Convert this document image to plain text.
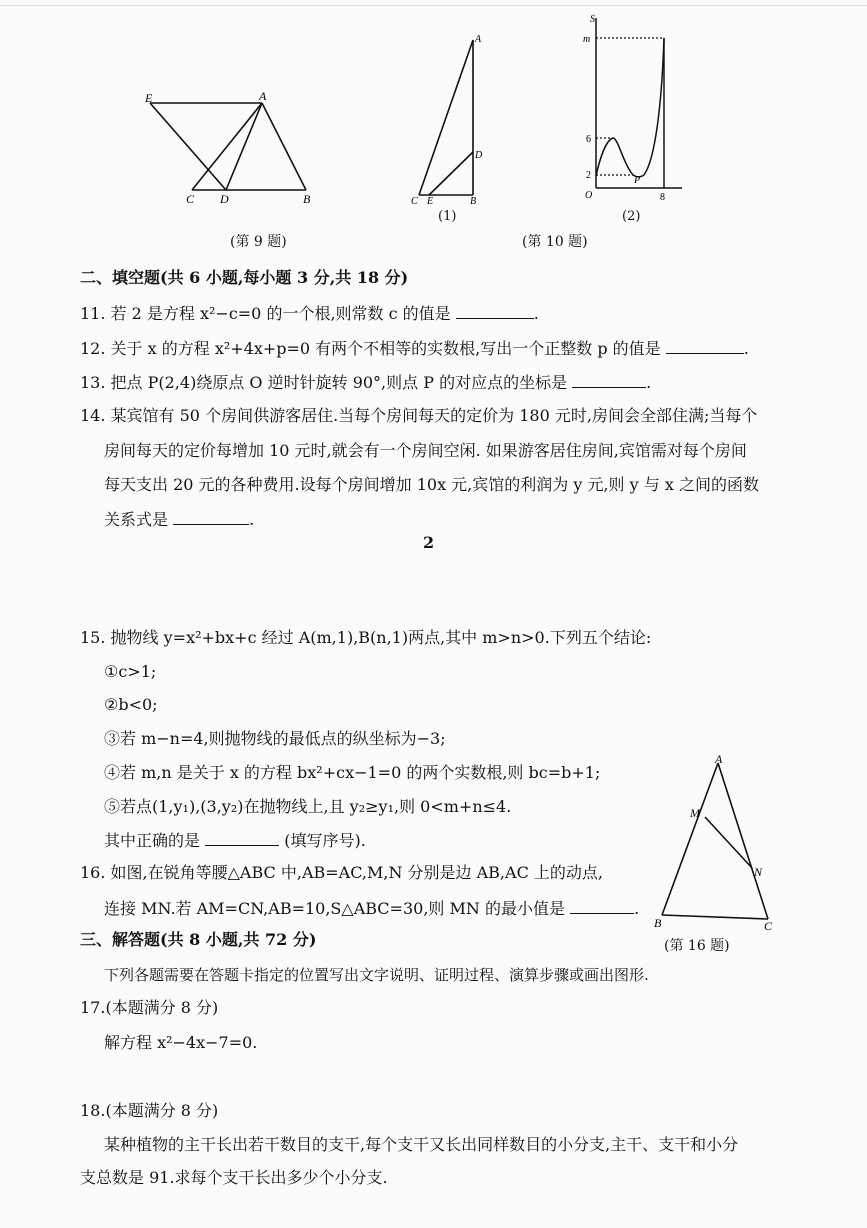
E	A
C D	B
(第 9 题)
A
D
C E	B
(1)
S
m
6
2	P
O	8
(2)
(第 10 题)
二、填空题(共 6 小题,每小题 3 分,共 18 分)
11. 若 2 是方程 x²−c=0 的一个根,则常数 c 的值是	.
12. 关于 x 的方程 x²+4x+p=0 有两个不相等的实数根,写出一个正整数 p 的值是	.
13. 把点 P(2,4)绕原点 O 逆时针旋转 90°,则点 P 的对应点的坐标是	.
14. 某宾馆有 50 个房间供游客居住.当每个房间每天的定价为 180 元时,房间会全部住满;当每个
房间每天的定价每增加 10 元时,就会有一个房间空闲. 如果游客居住房间,宾馆需对每个房间
每天支出 20 元的各种费用.设每个房间增加 10x 元,宾馆的利润为 y 元,则 y 与 x 之间的函数
关系式是	.
2
15. 抛物线 y=x²+bx+c 经过 A(m,1),B(n,1)两点,其中 m>n>0.下列五个结论:
①c>1;
②b<0;
③若 m−n=4,则抛物线的最低点的纵坐标为−3;
④若 m,n 是关于 x 的方程 bx²+cx−1=0 的两个实数根,则 bc=b+1;
⑤若点(1,y₁),(3,y₂)在抛物线上,且 y₂≥y₁,则 0<m+n≤4.
其中正确的是	(填写序号).
16. 如图,在锐角等腰△ABC 中,AB=AC,M,N 分别是边 AB,AC 上的动点,
连接 MN.若 AM=CN,AB=10,S△ABC=30,则 MN 的最小值是	.
A
M
N
B	C
(第 16 题)
三、解答题(共 8 小题,共 72 分)
下列各题需要在答题卡指定的位置写出文字说明、证明过程、演算步骤或画出图形.
17.(本题满分 8 分)
解方程 x²−4x−7=0.
18.(本题满分 8 分)
某种植物的主干长出若干数目的支干,每个支干又长出同样数目的小分支,主干、支干和小分
支总数是 91.求每个支干长出多少个小分支.
